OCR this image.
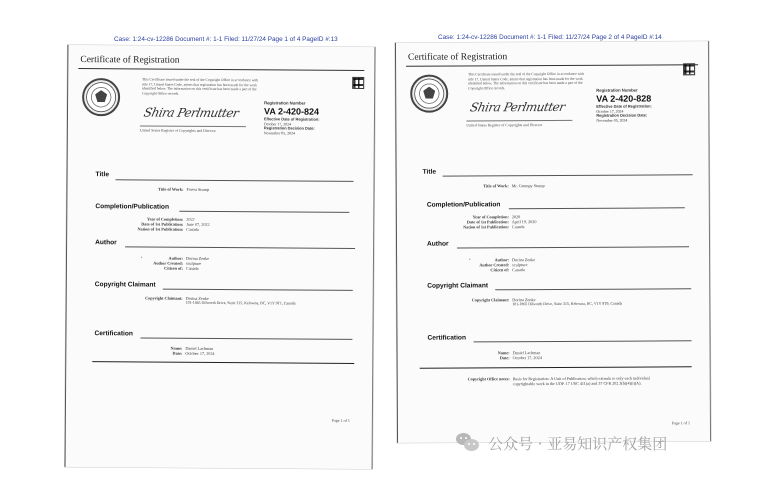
Case: 1:24-cv-12286 Document #: 1-1 Filed: 11/27/24 Page 1 of 4 PageID #:13	Case: 1:24-cv-12286 Document #: 1-1 Filed: 11/27/24 Page 2 of 4 PageID #:14
Certificate of Registration
This Certificate issued under the seal of the Copyright Office in accordance with title 17, United States Code, attests that registration has been made for the work identified below. The information on this certificate has been made a part of the Copyright Office records.
Shira Perlmutter
United States Register of Copyrights and Director
Registration Number
VA 2-420-824
Effective Date of Registration:
October 17, 2024
Registration Decision Date:
November 05, 2024
Title
Title of Work: Forest Stump
Completion/Publication
Year of Completion: 2022
Date of 1st Publication: June 07, 2022
Nation of 1st Publication: Canada
Author
•	Author: Dorina Zenke
Author Created: sculpture
Citizen of: Canada
Copyright Claimant
Copyright Claimant: Dorina Zenke
101-1865 Dilworth Drive, Suite 315, Kelowna, BC, V1Y 9T1, Canada
Certification
Name: Daniel Lachman
Date: October 17, 2024
Page 1 of 1
Certificate of Registration
This Certificate issued under the seal of the Copyright Office in accordance with title 17, United States Code, attests that registration has been made for the work identified below. The information on this certificate has been made a part of the Copyright Office records.
Shira Perlmutter
United States Register of Copyrights and Director
Registration Number
VA 2-420-828
Effective Date of Registration:
October 17, 2024
Registration Decision Date:
November 05, 2024
Title
Title of Work: Mr. Grumpy Stump
Completion/Publication
Year of Completion: 2020
Date of 1st Publication: April 19, 2020
Nation of 1st Publication: Canada
Author
•	Author: Dorina Zenke
Author Created: sculpture
Citizen of: Canada
Copyright Claimant
Copyright Claimant: Dorina Zenke
101-1865 Dilworth Drive, Suite 315, Kelowna, BC, V1Y 9T9, Canada
Certification
Name: Daniel Lachman
Date: October 17, 2024
Copyright Office notes: Basis for Registration: A Unit of Publication, which extends to only each individual copyrightable work in the UOP. 17 USC 411(a) and 37 CFR 202.3(b)(4)(i)(A).
Page 1 of 1
公众号 · 亚易知识产权集团
